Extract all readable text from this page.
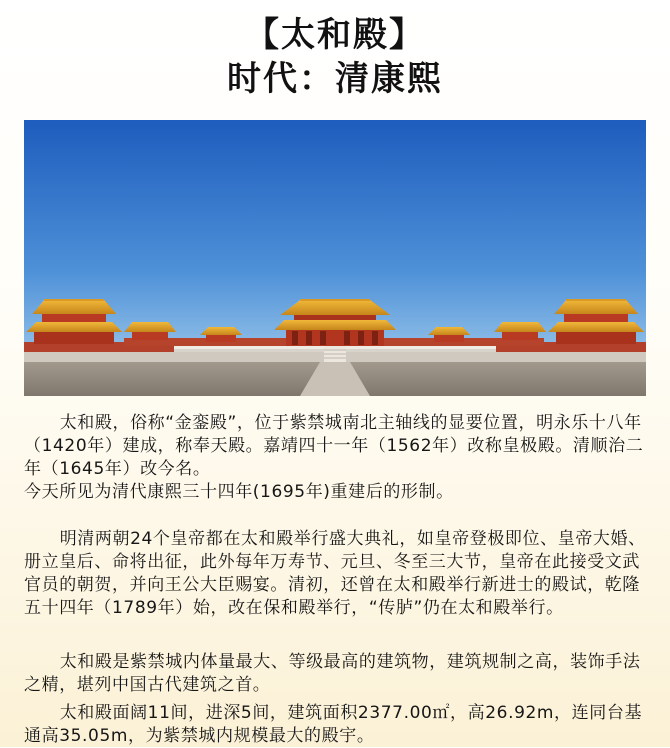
【太和殿】
时代：清康熙

太和殿，俗称“金銮殿”，位于紫禁城南北主轴线的显要位置，明永乐十八年（1420年）建成，称奉天殿。嘉靖四十一年（1562年）改称皇极殿。清顺治二年（1645年）改今名。
今天所见为清代康熙三十四年(1695年)重建后的形制。

明清两朝24个皇帝都在太和殿举行盛大典礼，如皇帝登极即位、皇帝大婚、册立皇后、命将出征，此外每年万寿节、元旦、冬至三大节，皇帝在此接受文武官员的朝贺，并向王公大臣赐宴。清初，还曾在太和殿举行新进士的殿试，乾隆五十四年（1789年）始，改在保和殿举行，“传胪”仍在太和殿举行。

太和殿是紫禁城内体量最大、等级最高的建筑物，建筑规制之高，装饰手法之精，堪列中国古代建筑之首。

太和殿面阔11间，进深5间，建筑面积2377.00㎡，高26.92m，连同台基通高35.05m，为紫禁城内规模最大的殿宇。
